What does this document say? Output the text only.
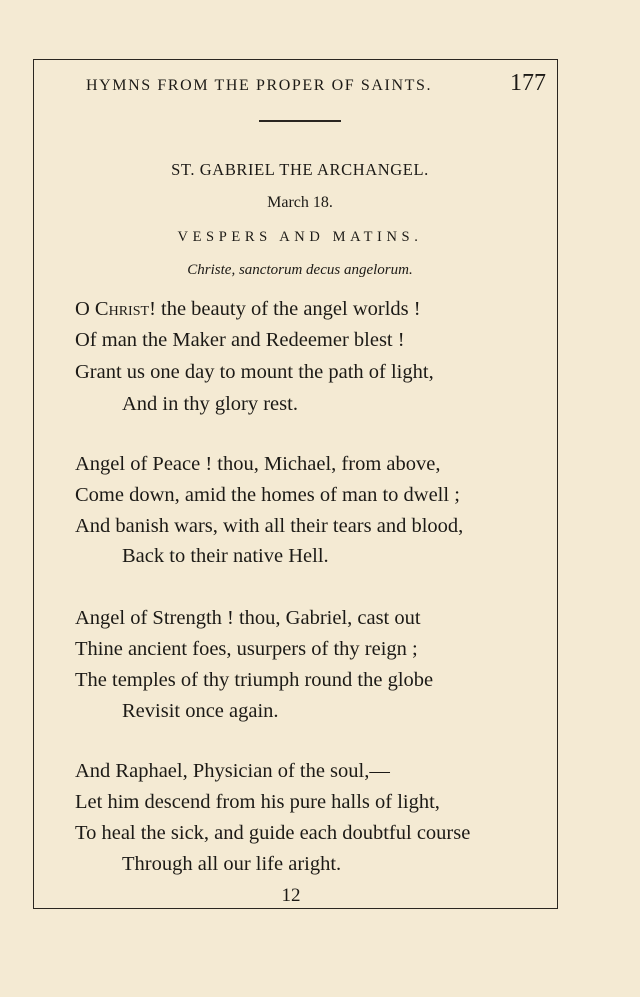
HYMNS FROM THE PROPER OF SAINTS.	177
ST. GABRIEL THE ARCHANGEL.
March 18.
VESPERS AND MATINS.
Christe, sanctorum decus angelorum.
O Christ! the beauty of the angel worlds !
Of man the Maker and Redeemer blest !
Grant us one day to mount the path of light,
And in thy glory rest.
Angel of Peace ! thou, Michael, from above,
Come down, amid the homes of man to dwell ;
And banish wars, with all their tears and blood,
Back to their native Hell.
Angel of Strength ! thou, Gabriel, cast out
Thine ancient foes, usurpers of thy reign ;
The temples of thy triumph round the globe
Revisit once again.
And Raphael, Physician of the soul,—
Let him descend from his pure halls of light,
To heal the sick, and guide each doubtful course
Through all our life aright.
12
